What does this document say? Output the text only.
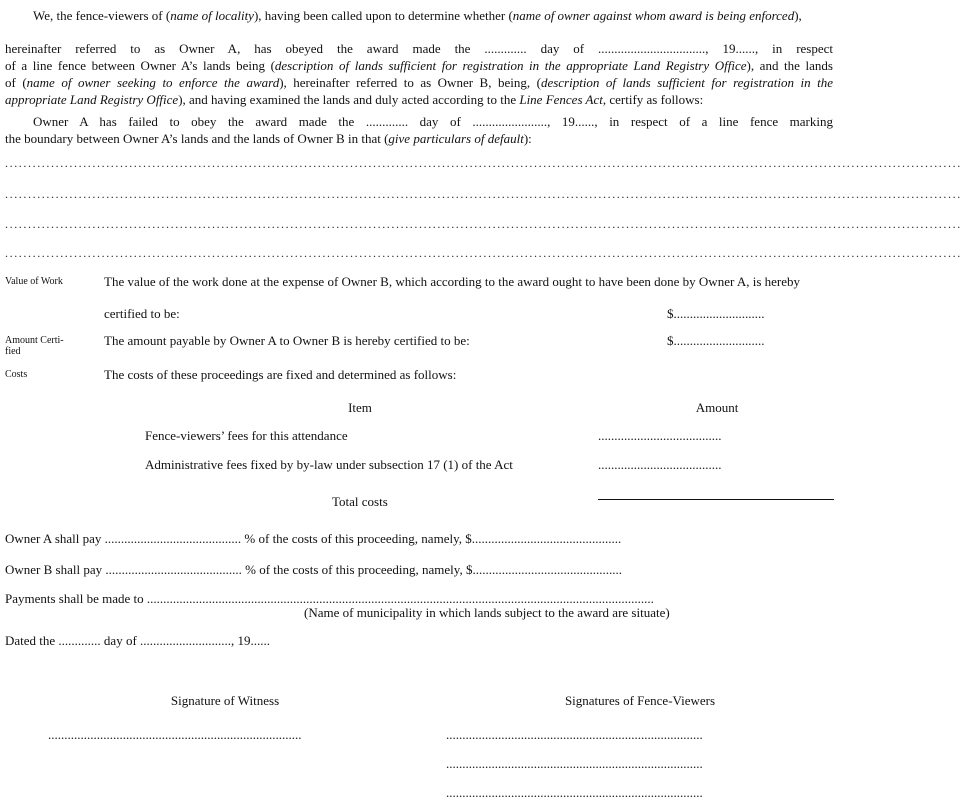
We, the fence-viewers of (name of locality), having been called upon to determine whether (name of owner against whom award is being enforced),
hereinafter referred to as Owner A, has obeyed the award made the ............. day of ................................., 19......, in respect
of a line fence between Owner A’s lands being (description of lands sufficient for registration in the appropriate Land Registry Office), and the lands
of (name of owner seeking to enforce the award), hereinafter referred to as Owner B, being, (description of lands sufficient for registration in the
appropriate Land Registry Office), and having examined the lands and duly acted according to the Line Fences Act, certify as follows:
Owner A has failed to obey the award made the ............. day of ......................., 19......, in respect of a line fence marking
the boundary between Owner A’s lands and the lands of Owner B in that (give particulars of default):
................................................................................................................................................................................................................
................................................................................................................................................................................................................
................................................................................................................................................................................................................
................................................................................................................................................................................................................
Value of Work	The value of the work done at the expense of Owner B, which according to the award ought to have been done by Owner A, is hereby
certified to be:	$............................
Amount Certi-
fied
The amount payable by Owner A to Owner B is hereby certified to be:	$............................
Costs	The costs of these proceedings are fixed and determined as follows:
Item	Amount
Fence-viewers’ fees for this attendance	......................................
Administrative fees fixed by by-law under subsection 17 (1) of the Act	......................................
Total costs
Owner A shall pay .......................................... % of the costs of this proceeding, namely, $..............................................
Owner B shall pay .......................................... % of the costs of this proceeding, namely, $..............................................
Payments shall be made to ............................................................................................................................................................
(Name of municipality in which lands subject to the award are situate)
Dated the ............. day of ............................, 19......
Signature of Witness	Signatures of Fence-Viewers
..............................................................................	...............................................................................
...............................................................................
...............................................................................
